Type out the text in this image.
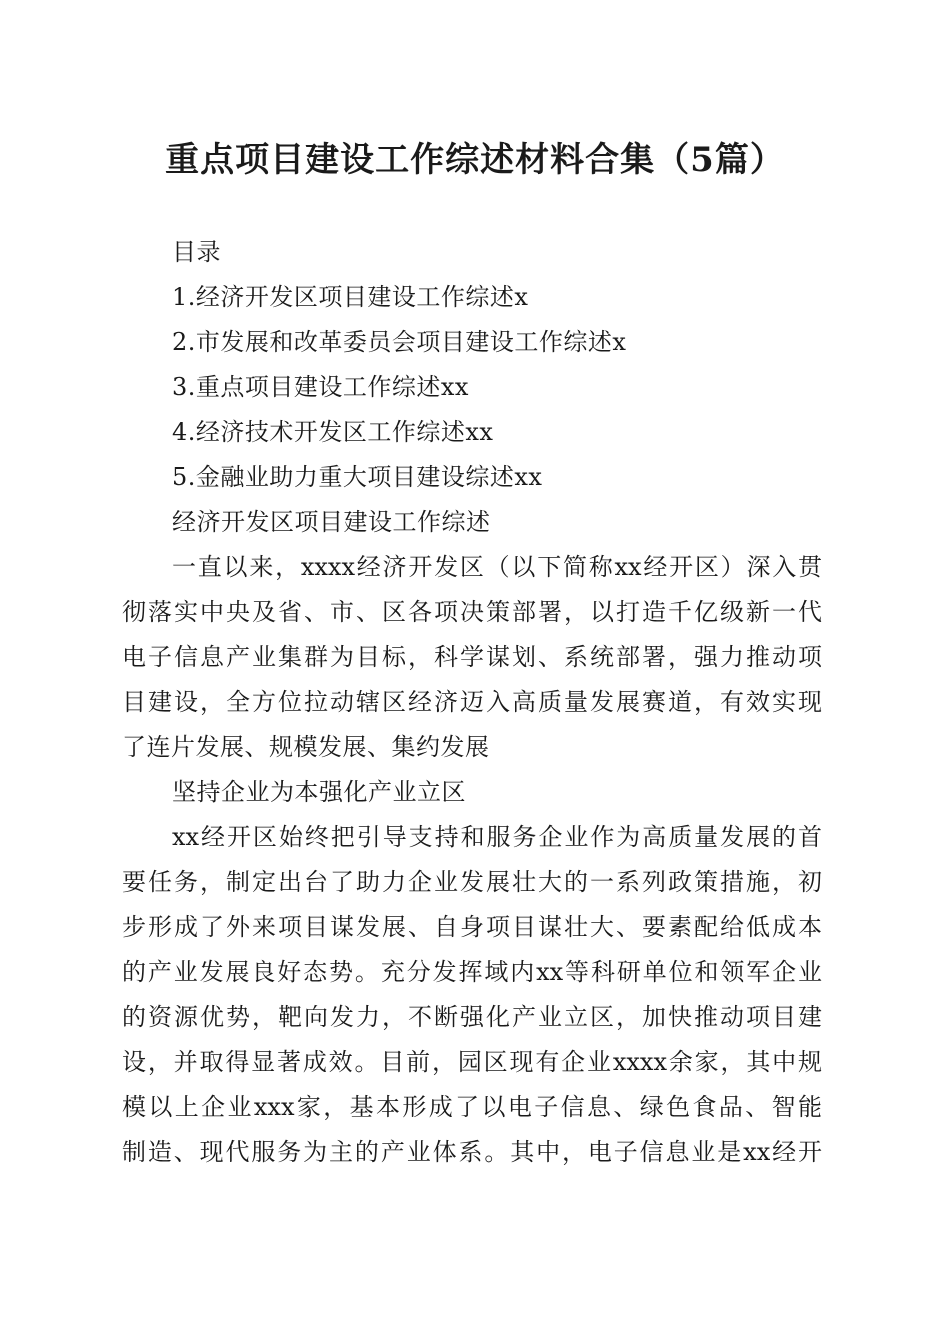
重点项目建设工作综述材料合集（5篇）
目录
1.经济开发区项目建设工作综述x
2.市发展和改革委员会项目建设工作综述x
3.重点项目建设工作综述xx
4.经济技术开发区工作综述xx
5.金融业助力重大项目建设综述xx
经济开发区项目建设工作综述
一直以来，xxxx经济开发区（以下简称xx经开区）深入贯
彻落实中央及省、市、区各项决策部署，以打造千亿级新一代
电子信息产业集群为目标，科学谋划、系统部署，强力推动项
目建设，全方位拉动辖区经济迈入高质量发展赛道，有效实现
了连片发展、规模发展、集约发展
坚持企业为本强化产业立区
xx经开区始终把引导支持和服务企业作为高质量发展的首
要任务，制定出台了助力企业发展壮大的一系列政策措施，初
步形成了外来项目谋发展、自身项目谋壮大、要素配给低成本
的产业发展良好态势。充分发挥域内xx等科研单位和领军企业
的资源优势，靶向发力，不断强化产业立区，加快推动项目建
设，并取得显著成效。目前，园区现有企业xxxx余家，其中规
模以上企业xxx家，基本形成了以电子信息、绿色食品、智能
制造、现代服务为主的产业体系。其中，电子信息业是xx经开
